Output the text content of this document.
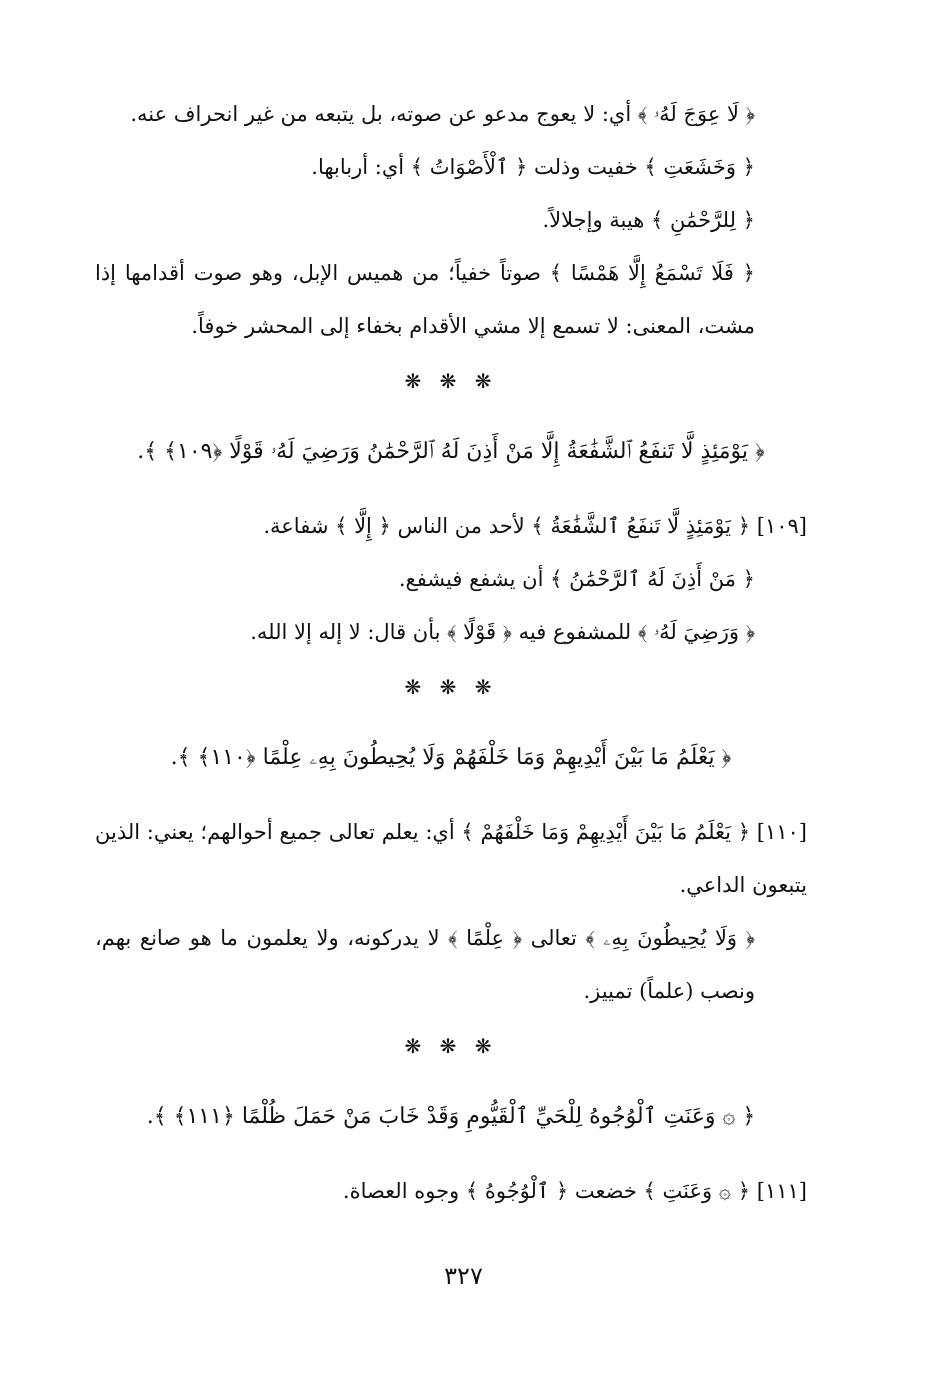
﴿ لَا عِوَجَ لَهُۥ ﴾ أي: لا يعوج مدعو عن صوته، بل يتبعه من غير انحراف عنه.

﴿ وَخَشَعَتِ ﴾ خفيت وذلت ﴿ ٱلْأَصْوَاتُ ﴾ أي: أربابها.

﴿ لِلرَّحْمَٰنِ ﴾ هيبة وإجلالاً.

﴿ فَلَا تَسْمَعُ إِلَّا هَمْسًا ﴾ صوتاً خفياً؛ من هميس الإبل، وهو صوت أقدامها إذا مشت، المعنى: لا تسمع إلا مشي الأقدام بخفاء إلى المحشر خوفاً.

❋ ❋ ❋

﴿ يَوْمَئِذٍ لَّا تَنفَعُ ٱلشَّفَٰعَةُ إِلَّا مَنْ أَذِنَ لَهُ ٱلرَّحْمَٰنُ وَرَضِيَ لَهُۥ قَوْلًا ﴿١٠٩﴾ ﴾.

[١٠٩] ﴿ يَوْمَئِذٍ لَّا تَنفَعُ ٱلشَّفَٰعَةُ ﴾ لأحد من الناس ﴿ إِلَّا ﴾ شفاعة.

﴿ مَنْ أَذِنَ لَهُ ٱلرَّحْمَٰنُ ﴾ أن يشفع فيشفع.

﴿ وَرَضِيَ لَهُۥ ﴾ للمشفوع فيه ﴿ قَوْلًا ﴾ بأن قال: لا إله إلا الله.

❋ ❋ ❋

﴿ يَعْلَمُ مَا بَيْنَ أَيْدِيهِمْ وَمَا خَلْفَهُمْ وَلَا يُحِيطُونَ بِهِۦ عِلْمًا ﴿١١٠﴾ ﴾.

[١١٠] ﴿ يَعْلَمُ مَا بَيْنَ أَيْدِيهِمْ وَمَا خَلْفَهُمْ ﴾ أي: يعلم تعالى جميع أحوالهم؛ يعني: الذين يتبعون الداعي.

﴿ وَلَا يُحِيطُونَ بِهِۦ ﴾ تعالى ﴿ عِلْمًا ﴾ لا يدركونه، ولا يعلمون ما هو صانع بهم، ونصب (علماً) تمييز.

❋ ❋ ❋

﴿ ۞ وَعَنَتِ ٱلْوُجُوهُ لِلْحَيِّ ٱلْقَيُّومِ وَقَدْ خَابَ مَنْ حَمَلَ ظُلْمًا ﴿١١١﴾ ﴾.

[١١١] ﴿ ۞ وَعَنَتِ ﴾ خضعت ﴿ ٱلْوُجُوهُ ﴾ وجوه العصاة.

٣٢٧
